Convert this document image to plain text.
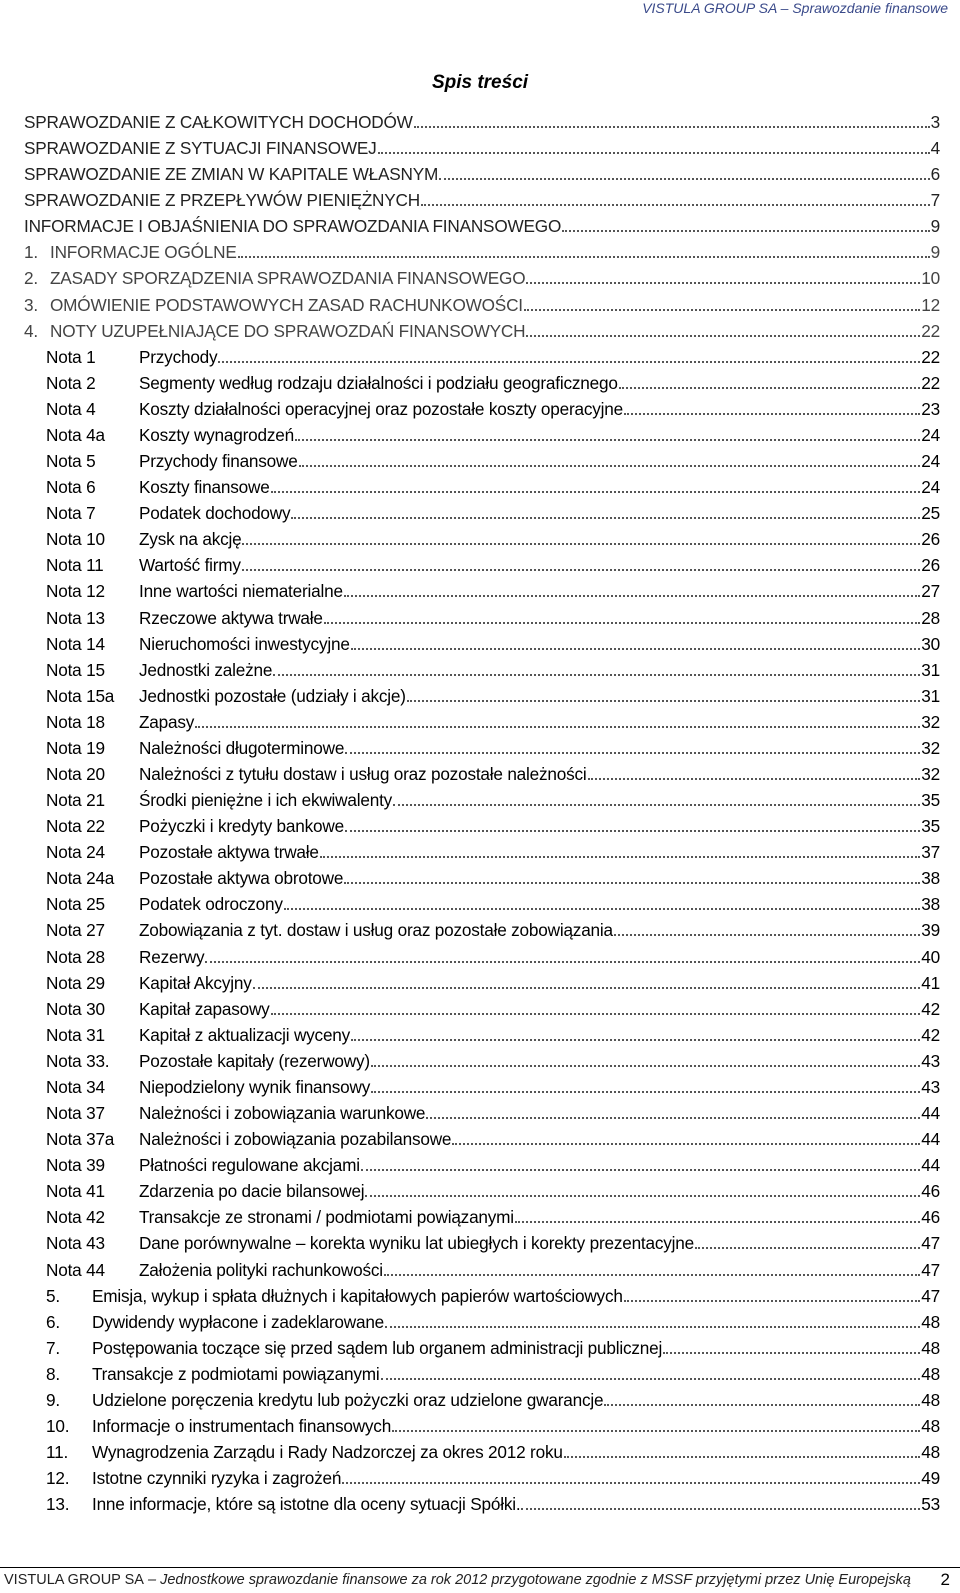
VISTULA GROUP SA – Sprawozdanie finansowe
Spis treści
SPRAWOZDANIE Z CAŁKOWITYCH DOCHODÓW	3
SPRAWOZDANIE Z SYTUACJI FINANSOWEJ	4
SPRAWOZDANIE ZE ZMIAN W KAPITALE WŁASNYM	6
SPRAWOZDANIE Z PRZEPŁYWÓW PIENIĘŻNYCH	7
INFORMACJE I OBJAŚNIENIA DO SPRAWOZDANIA FINANSOWEGO	9
1. INFORMACJE OGÓLNE	9
2. ZASADY SPORZĄDZENIA SPRAWOZDANIA FINANSOWEGO	10
3. OMÓWIENIE PODSTAWOWYCH ZASAD RACHUNKOWOŚCI	12
4. NOTY UZUPEŁNIAJĄCE DO SPRAWOZDAŃ FINANSOWYCH	22
Nota 1	Przychody	22
Nota 2	Segmenty według rodzaju działalności i podziału geograficznego	22
Nota 4	Koszty działalności operacyjnej oraz pozostałe koszty operacyjne	23
Nota 4a	Koszty wynagrodzeń	24
Nota 5	Przychody finansowe	24
Nota 6	Koszty finansowe	24
Nota 7	Podatek dochodowy	25
Nota 10	Zysk na akcję	26
Nota 11	Wartość firmy	26
Nota 12	Inne wartości niematerialne	27
Nota 13	Rzeczowe aktywa trwałe	28
Nota 14	Nieruchomości inwestycyjne	30
Nota 15	Jednostki zależne	31
Nota 15a	Jednostki pozostałe (udziały i akcje)	31
Nota 18	Zapasy	32
Nota 19	Należności długoterminowe	32
Nota 20	Należności z tytułu dostaw i usług oraz pozostałe należności	32
Nota 21	Środki pieniężne i ich ekwiwalenty	35
Nota 22	Pożyczki i kredyty bankowe	35
Nota 24	Pozostałe aktywa trwałe	37
Nota 24a	Pozostałe aktywa obrotowe	38
Nota 25	Podatek odroczony	38
Nota 27	Zobowiązania z tyt. dostaw i usług oraz pozostałe zobowiązania	39
Nota 28	Rezerwy	40
Nota 29	Kapitał Akcyjny	41
Nota 30	Kapitał zapasowy	42
Nota 31	Kapitał z aktualizacji wyceny	42
Nota 33.	Pozostałe kapitały (rezerwowy)	43
Nota 34	Niepodzielony wynik finansowy	43
Nota 37	Należności i zobowiązania warunkowe	44
Nota 37a	Należności i zobowiązania pozabilansowe	44
Nota 39	Płatności regulowane akcjami	44
Nota 41	Zdarzenia po dacie bilansowej	46
Nota 42	Transakcje ze stronami / podmiotami powiązanymi	46
Nota 43	Dane porównywalne – korekta wyniku lat ubiegłych i korekty prezentacyjne	47
Nota 44	Założenia polityki rachunkowości	47
5.	Emisja, wykup i spłata dłużnych i kapitałowych papierów wartościowych	47
6.	Dywidendy wypłacone i zadeklarowane	48
7.	Postępowania toczące się przed sądem lub organem administracji publicznej	48
8.	Transakcje z podmiotami powiązanymi	48
9.	Udzielone poręczenia kredytu lub pożyczki oraz udzielone gwarancje	48
10.	Informacje o instrumentach finansowych	48
11.	Wynagrodzenia Zarządu i Rady Nadzorczej za okres 2012 roku	48
12.	Istotne czynniki ryzyka i zagrożeń	49
13.	Inne informacje, które są istotne dla oceny sytuacji Spółki.	53
VISTULA GROUP SA – Jednostkowe sprawozdanie finansowe za rok 2012 przygotowane zgodnie z MSSF przyjętymi przez Unię Europejską 2
